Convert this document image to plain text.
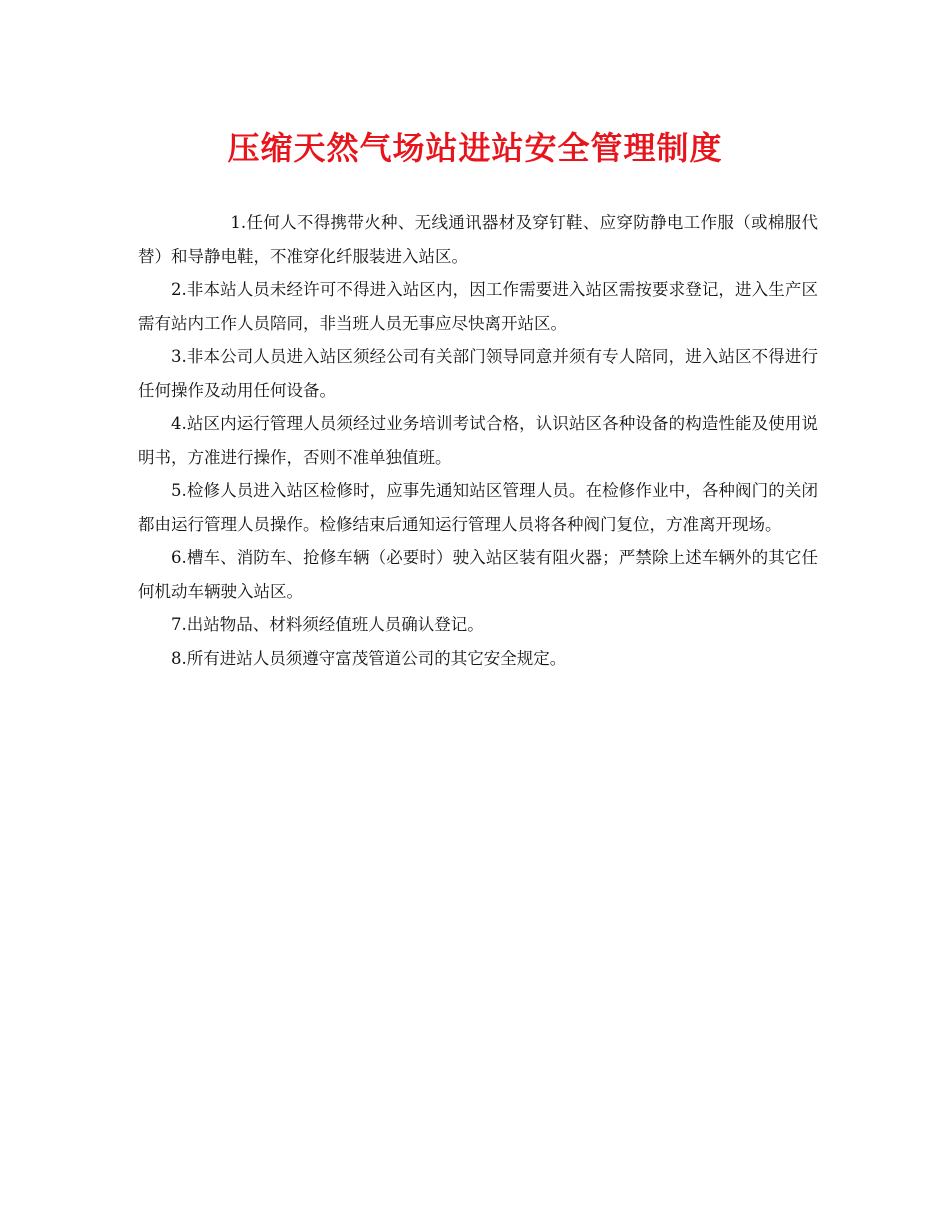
压缩天然气场站进站安全管理制度

1.任何人不得携带火种、无线通讯器材及穿钉鞋、应穿防静电工作服（或棉服代替）和导静电鞋，不准穿化纤服装进入站区。

2.非本站人员未经许可不得进入站区内，因工作需要进入站区需按要求登记，进入生产区需有站内工作人员陪同，非当班人员无事应尽快离开站区。

3.非本公司人员进入站区须经公司有关部门领导同意并须有专人陪同，进入站区不得进行任何操作及动用任何设备。

4.站区内运行管理人员须经过业务培训考试合格，认识站区各种设备的构造性能及使用说明书，方准进行操作，否则不准单独值班。

5.检修人员进入站区检修时，应事先通知站区管理人员。在检修作业中，各种阀门的关闭都由运行管理人员操作。检修结束后通知运行管理人员将各种阀门复位，方准离开现场。

6.槽车、消防车、抢修车辆（必要时）驶入站区装有阻火器；严禁除上述车辆外的其它任何机动车辆驶入站区。

7.出站物品、材料须经值班人员确认登记。

8.所有进站人员须遵守富茂管道公司的其它安全规定。
